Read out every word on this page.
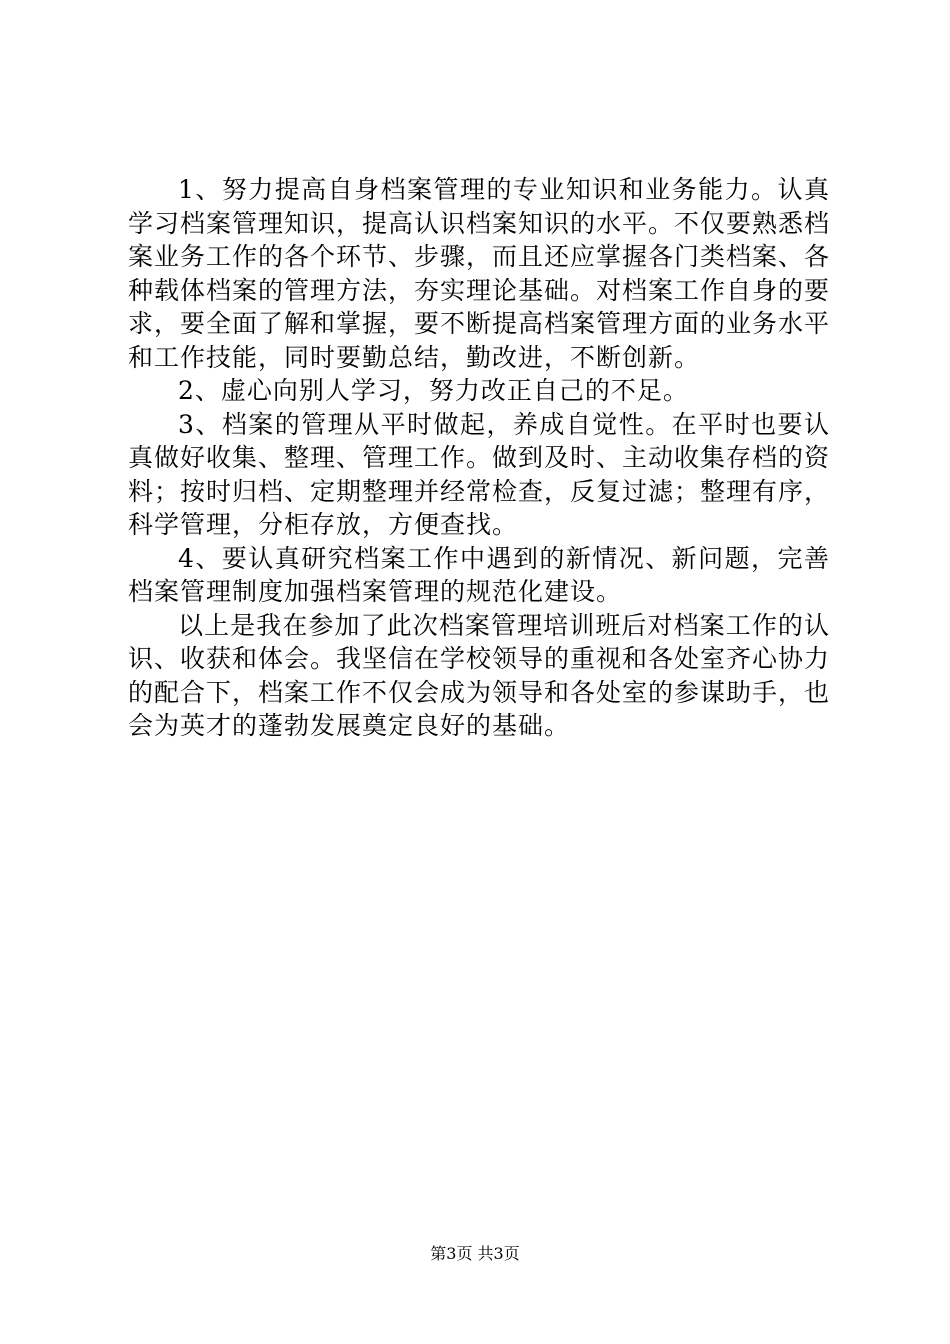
1、努力提高自身档案管理的专业知识和业务能力。认真学习档案管理知识，提高认识档案知识的水平。不仅要熟悉档案业务工作的各个环节、步骤，而且还应掌握各门类档案、各种载体档案的管理方法，夯实理论基础。对档案工作自身的要求，要全面了解和掌握，要不断提高档案管理方面的业务水平和工作技能，同时要勤总结，勤改进，不断创新。

2、虚心向别人学习，努力改正自己的不足。

3、档案的管理从平时做起，养成自觉性。在平时也要认真做好收集、整理、管理工作。做到及时、主动收集存档的资料；按时归档、定期整理并经常检查，反复过滤；整理有序，科学管理，分柜存放，方便查找。

4、要认真研究档案工作中遇到的新情况、新问题，完善档案管理制度加强档案管理的规范化建设。

以上是我在参加了此次档案管理培训班后对档案工作的认识、收获和体会。我坚信在学校领导的重视和各处室齐心协力的配合下，档案工作不仅会成为领导和各处室的参谋助手，也会为英才的蓬勃发展奠定良好的基础。

第3页 共3页
